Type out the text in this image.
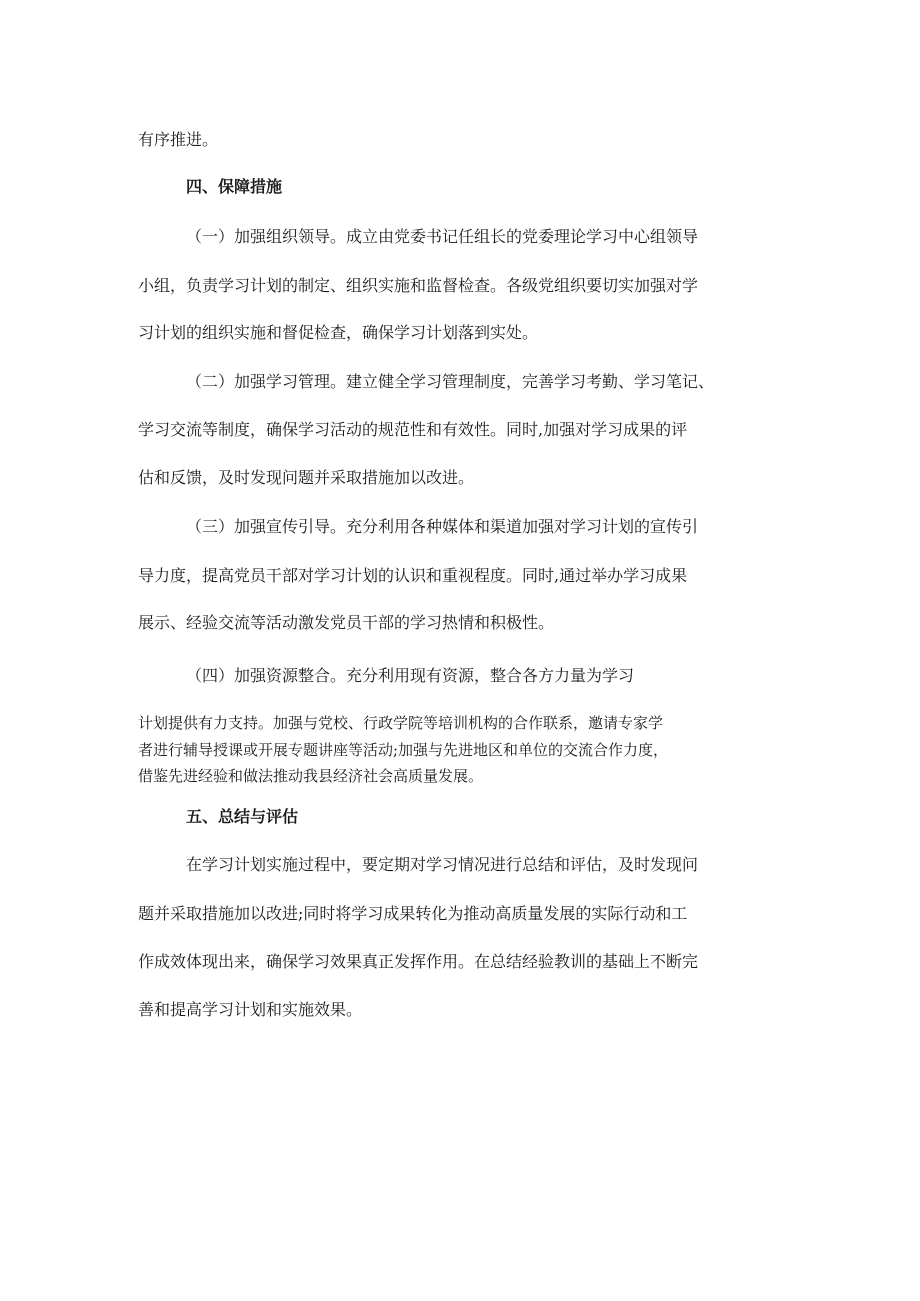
有序推进。
四、保障措施
（一）加强组织领导。成立由党委书记任组长的党委理论学习中心组领导
小组，负责学习计划的制定、组织实施和监督检查。各级党组织要切实加强对学
习计划的组织实施和督促检查，确保学习计划落到实处。
（二）加强学习管理。建立健全学习管理制度，完善学习考勤、学习笔记、
学习交流等制度，确保学习活动的规范性和有效性。同时,加强对学习成果的评
估和反馈，及时发现问题并采取措施加以改进。
（三）加强宣传引导。充分利用各种媒体和渠道加强对学习计划的宣传引
导力度，提高党员干部对学习计划的认识和重视程度。同时,通过举办学习成果
展示、经验交流等活动激发党员干部的学习热情和积极性。
（四）加强资源整合。充分利用现有资源，整合各方力量为学习
计划提供有力支持。加强与党校、行政学院等培训机构的合作联系，邀请专家学
者进行辅导授课或开展专题讲座等活动;加强与先进地区和单位的交流合作力度，
借鉴先进经验和做法推动我县经济社会高质量发展。
五、总结与评估
在学习计划实施过程中，要定期对学习情况进行总结和评估，及时发现问
题并采取措施加以改进;同时将学习成果转化为推动高质量发展的实际行动和工
作成效体现出来，确保学习效果真正发挥作用。在总结经验教训的基础上不断完
善和提高学习计划和实施效果。
